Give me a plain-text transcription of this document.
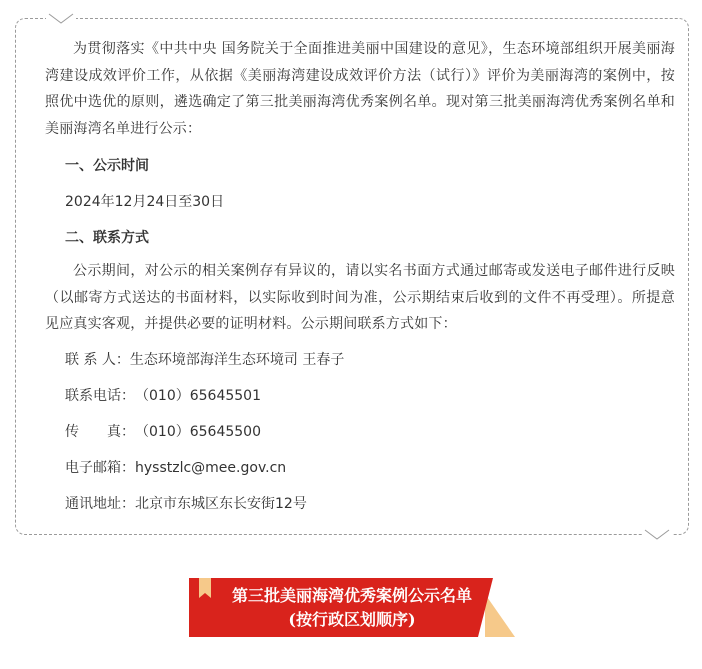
为贯彻落实《中共中央 国务院关于全面推进美丽中国建设的意见》，生态环境部组织开展美丽海湾建设成效评价工作，从依据《美丽海湾建设成效评价方法（试行）》评价为美丽海湾的案例中，按照优中选优的原则，遴选确定了第三批美丽海湾优秀案例名单。现对第三批美丽海湾优秀案例名单和美丽海湾名单进行公示：

一、公示时间

2024年12月24日至30日

二、联系方式

公示期间，对公示的相关案例存有异议的，请以实名书面方式通过邮寄或发送电子邮件进行反映（以邮寄方式送达的书面材料，以实际收到时间为准，公示期结束后收到的文件不再受理）。所提意见应真实客观，并提供必要的证明材料。公示期间联系方式如下：

联 系 人：生态环境部海洋生态环境司 王春子
联系电话：（010）65645501
传　　真：（010）65645500
电子邮箱：hysstzlc@mee.gov.cn
通讯地址：北京市东城区东长安街12号
第三批美丽海湾优秀案例公示名单
(按行政区划顺序)
